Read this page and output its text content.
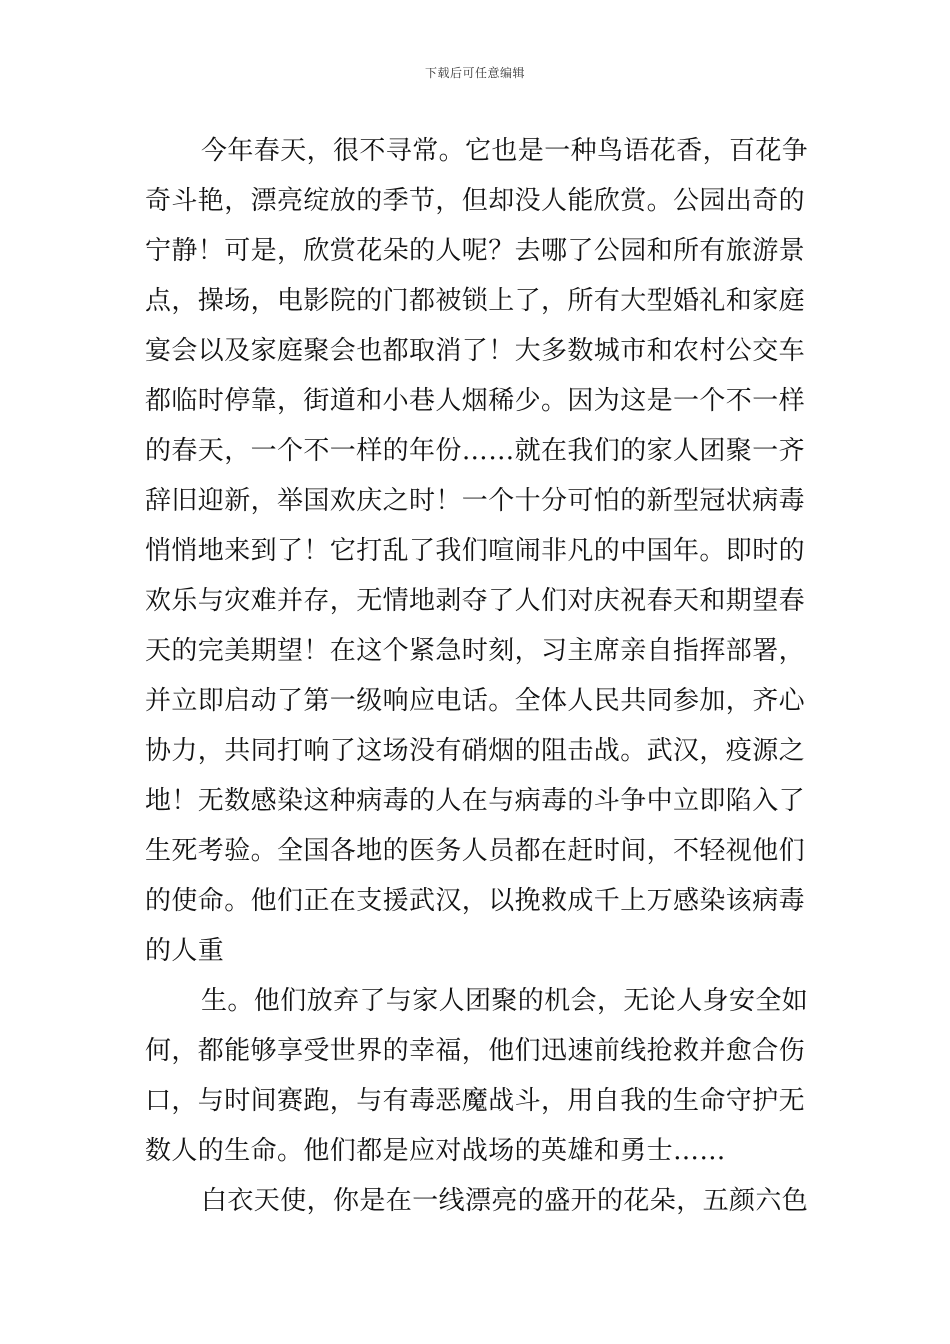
下载后可任意编辑
今年春天，很不寻常。它也是一种鸟语花香，百花争
奇斗艳，漂亮绽放的季节，但却没人能欣赏。公园出奇的
宁静！可是，欣赏花朵的人呢？去哪了公园和所有旅游景
点，操场，电影院的门都被锁上了，所有大型婚礼和家庭
宴会以及家庭聚会也都取消了！大多数城市和农村公交车
都临时停靠，街道和小巷人烟稀少。因为这是一个不一样
的春天，一个不一样的年份……就在我们的家人团聚一齐
辞旧迎新，举国欢庆之时！一个十分可怕的新型冠状病毒
悄悄地来到了！它打乱了我们喧闹非凡的中国年。即时的
欢乐与灾难并存，无情地剥夺了人们对庆祝春天和期望春
天的完美期望！在这个紧急时刻，习主席亲自指挥部署，
并立即启动了第一级响应电话。全体人民共同参加，齐心
协力，共同打响了这场没有硝烟的阻击战。武汉，疫源之
地！无数感染这种病毒的人在与病毒的斗争中立即陷入了
生死考验。全国各地的医务人员都在赶时间，不轻视他们
的使命。他们正在支援武汉，以挽救成千上万感染该病毒
的人重
生。他们放弃了与家人团聚的机会，无论人身安全如
何，都能够享受世界的幸福，他们迅速前线抢救并愈合伤
口，与时间赛跑，与有毒恶魔战斗，用自我的生命守护无
数人的生命。他们都是应对战场的英雄和勇士……
白衣天使，你是在一线漂亮的盛开的花朵，五颜六色
